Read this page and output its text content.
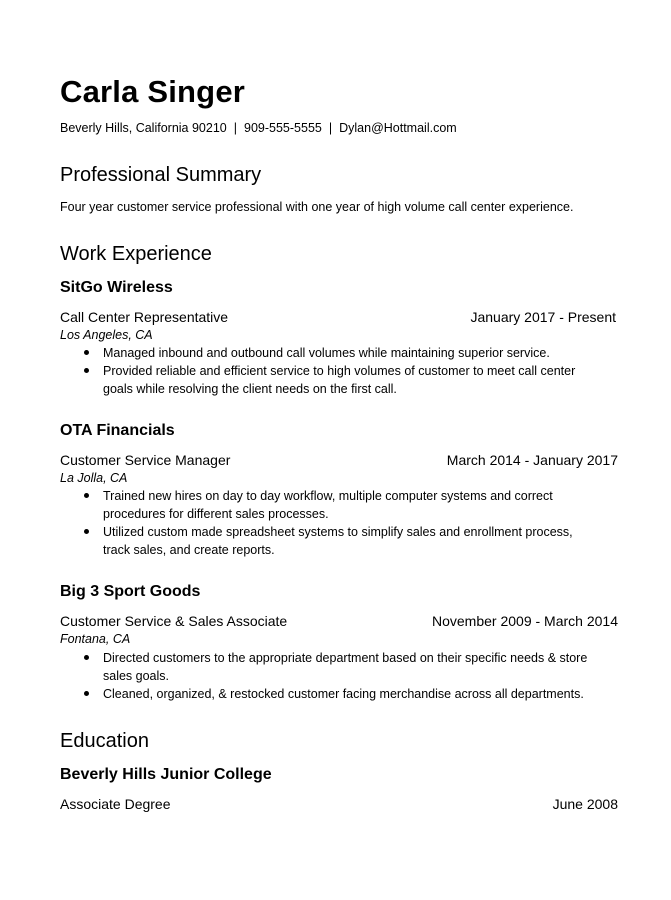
Carla Singer
Beverly Hills, California 90210 | 909-555-5555 | Dylan@Hottmail.com
Professional Summary
Four year customer service professional with one year of high volume call center experience.
Work Experience
SitGo Wireless
Call Center Representative	January 2017 - Present
Los Angeles, CA
Managed inbound and outbound call volumes while maintaining superior service.
Provided reliable and efficient service to high volumes of customer to meet call center goals while resolving the client needs on the first call.
OTA Financials
Customer Service Manager	March 2014 - January 2017
La Jolla, CA
Trained new hires on day to day workflow, multiple computer systems and correct procedures for different sales processes.
Utilized custom made spreadsheet systems to simplify sales and enrollment process, track sales, and create reports.
Big 3 Sport Goods
Customer Service & Sales Associate	November 2009 - March 2014
Fontana, CA
Directed customers to the appropriate department based on their specific needs & store sales goals.
Cleaned, organized, & restocked customer facing merchandise across all departments.
Education
Beverly Hills Junior College
Associate Degree	June 2008
